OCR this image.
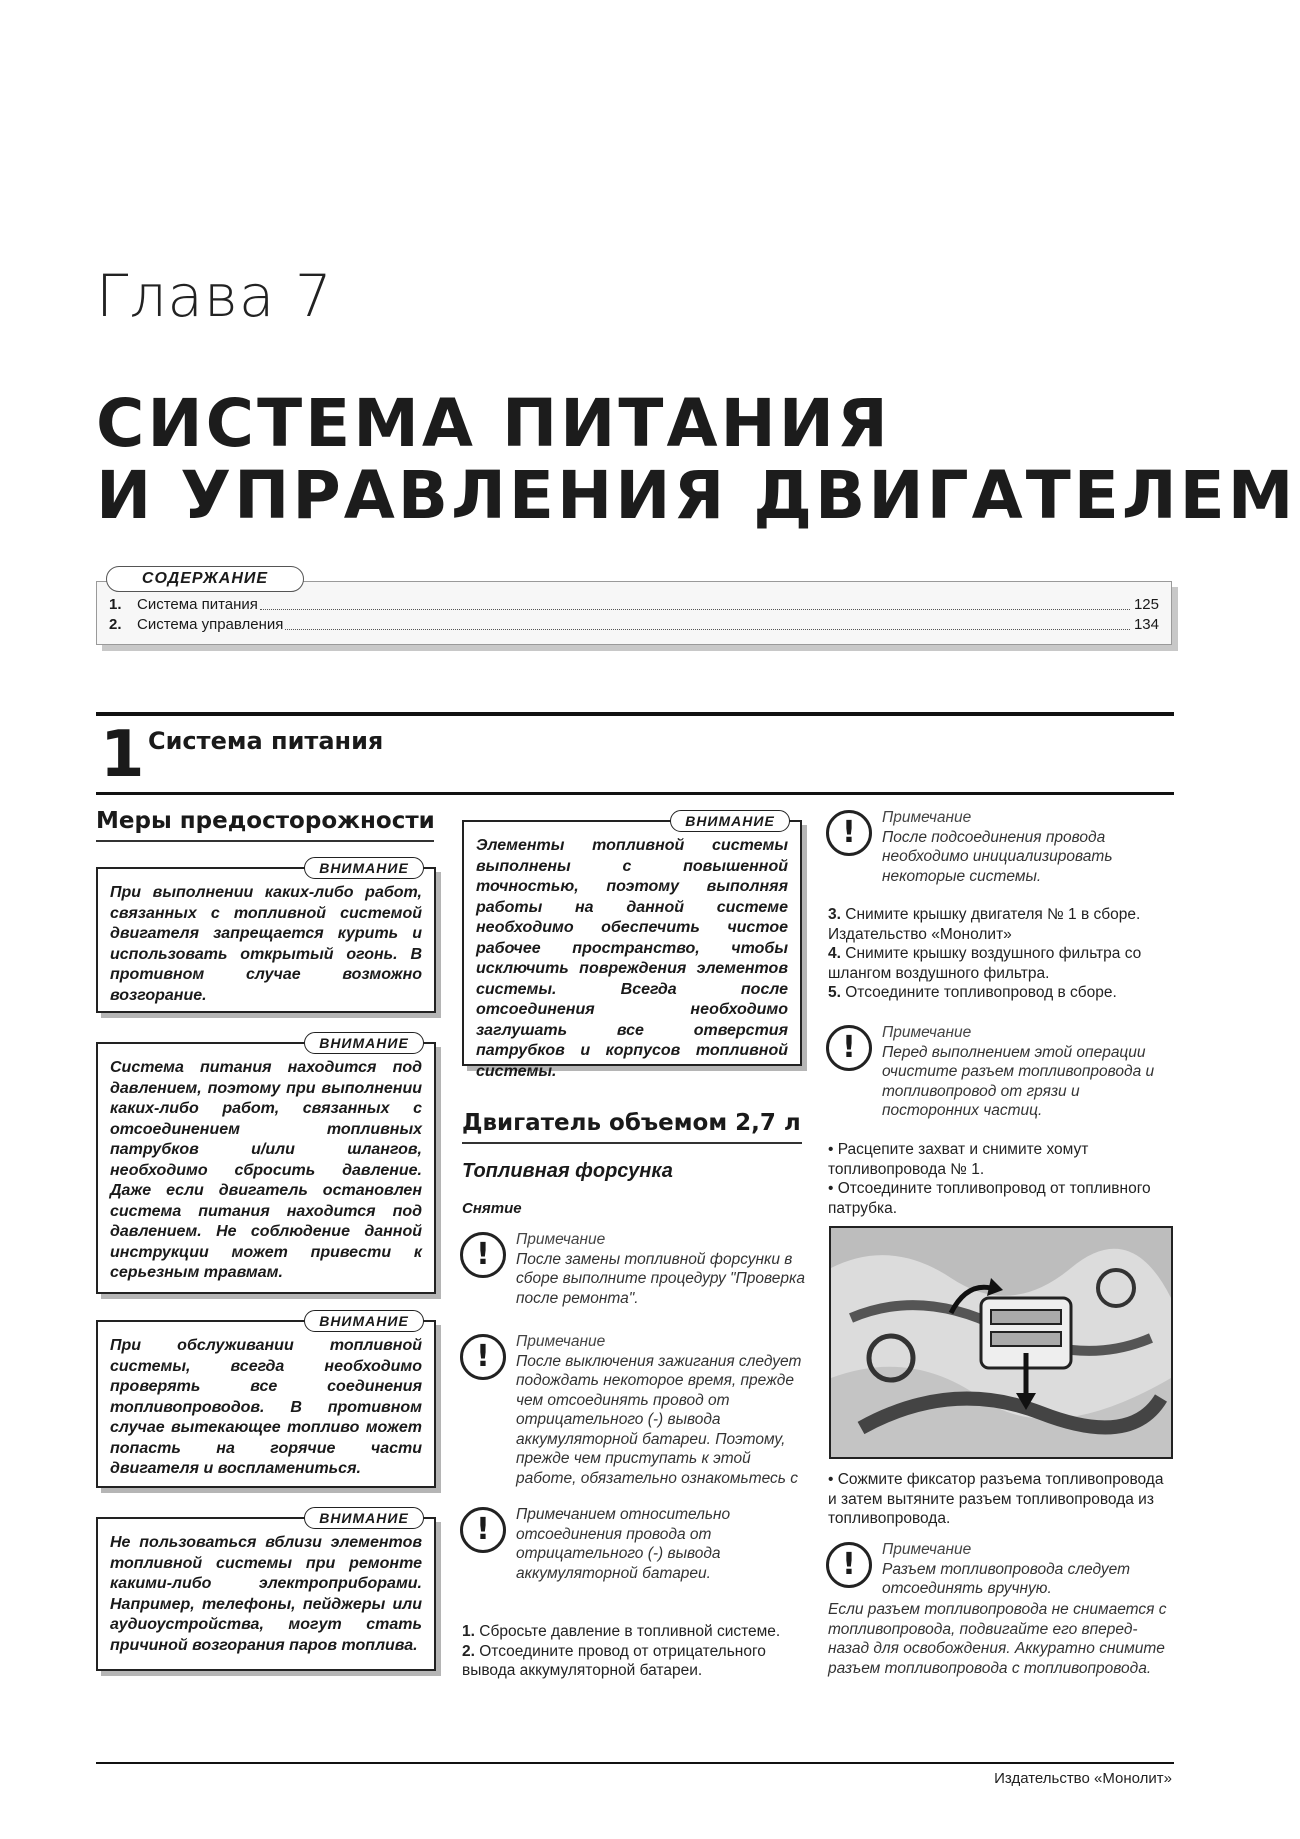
Глава 7
СИСТЕМА ПИТАНИЯ
И УПРАВЛЕНИЯ ДВИГАТЕЛЕМ
СОДЕРЖАНИЕ
1.	Система питания	125
2.	Система управления	134
1 Система питания
Меры предосторожности
ВНИМАНИЕ
При выполнении каких-либо работ, связанных с топливной системой двигателя запрещается курить и использовать открытый огонь. В противном случае возможно возгорание.
ВНИМАНИЕ
Система питания находится под давлением, поэтому при выполнении каких-либо работ, связанных с отсоединением топливных патрубков и/или шлангов, необходимо сбросить давление. Даже если двигатель остановлен система питания находится под давлением. Не соблюдение данной инструкции может привести к серьезным травмам.
ВНИМАНИЕ
При обслуживании топливной системы, всегда необходимо проверять все соединения топливопроводов. В противном случае вытекающее топливо может попасть на горячие части двигателя и воспламениться.
ВНИМАНИЕ
Не пользоваться вблизи элементов топливной системы при ремонте какими-либо электроприборами. Например, телефоны, пейджеры или аудиоустройства, могут стать причиной возгорания паров топлива.
ВНИМАНИЕ
Элементы топливной системы выполнены с повышенной точностью, поэтому выполняя работы на данной системе необходимо обеспечить чистое рабочее пространство, чтобы исключить повреждения элементов системы. Всегда после отсоединения необходимо заглушать все отверстия патрубков и корпусов топливной системы.
Двигатель объемом 2,7 л
Топливная форсунка
Снятие
!	Примечание
После замены топливной форсунки в сборе выполните процедуру "Проверка после ремонта".
!	Примечание
После выключения зажигания следует подождать некоторое время, прежде чем отсоединять провод от отрицательного (-) вывода аккумуляторной батареи. Поэтому, прежде чем приступать к этой работе, обязательно ознакомьтесь с
!	Примечанием относительно отсоединения провода от отрицательного (-) вывода аккумуляторной батареи.
1. Сбросьте давление в топливной системе.
2. Отсоедините провод от отрицательного вывода аккумуляторной батареи.
!	Примечание
После подсоединения провода необходимо инициализировать некоторые системы.
3. Снимите крышку двигателя № 1 в сборе. Издательство «Монолит»
4. Снимите крышку воздушного фильтра со шлангом воздушного фильтра.
5. Отсоедините топливопровод в сборе.
!	Примечание
Перед выполнением этой операции очистите разъем топливопровода и топливопровод от грязи и посторонних частиц.
• Расцепите захват и снимите хомут топливопровода № 1.
• Отсоедините топливопровод от топливного патрубка.
• Сожмите фиксатор разъема топливопровода и затем вытяните разъем топливопровода из топливопровода.
!	Примечание
Разъем топливопровода следует отсоединять вручную.
Если разъем топливопровода не снимается с топливопровода, подвигайте его вперед-назад для освобождения. Аккуратно снимите разъем топливопровода с топливопровода.
Издательство «Монолит»
